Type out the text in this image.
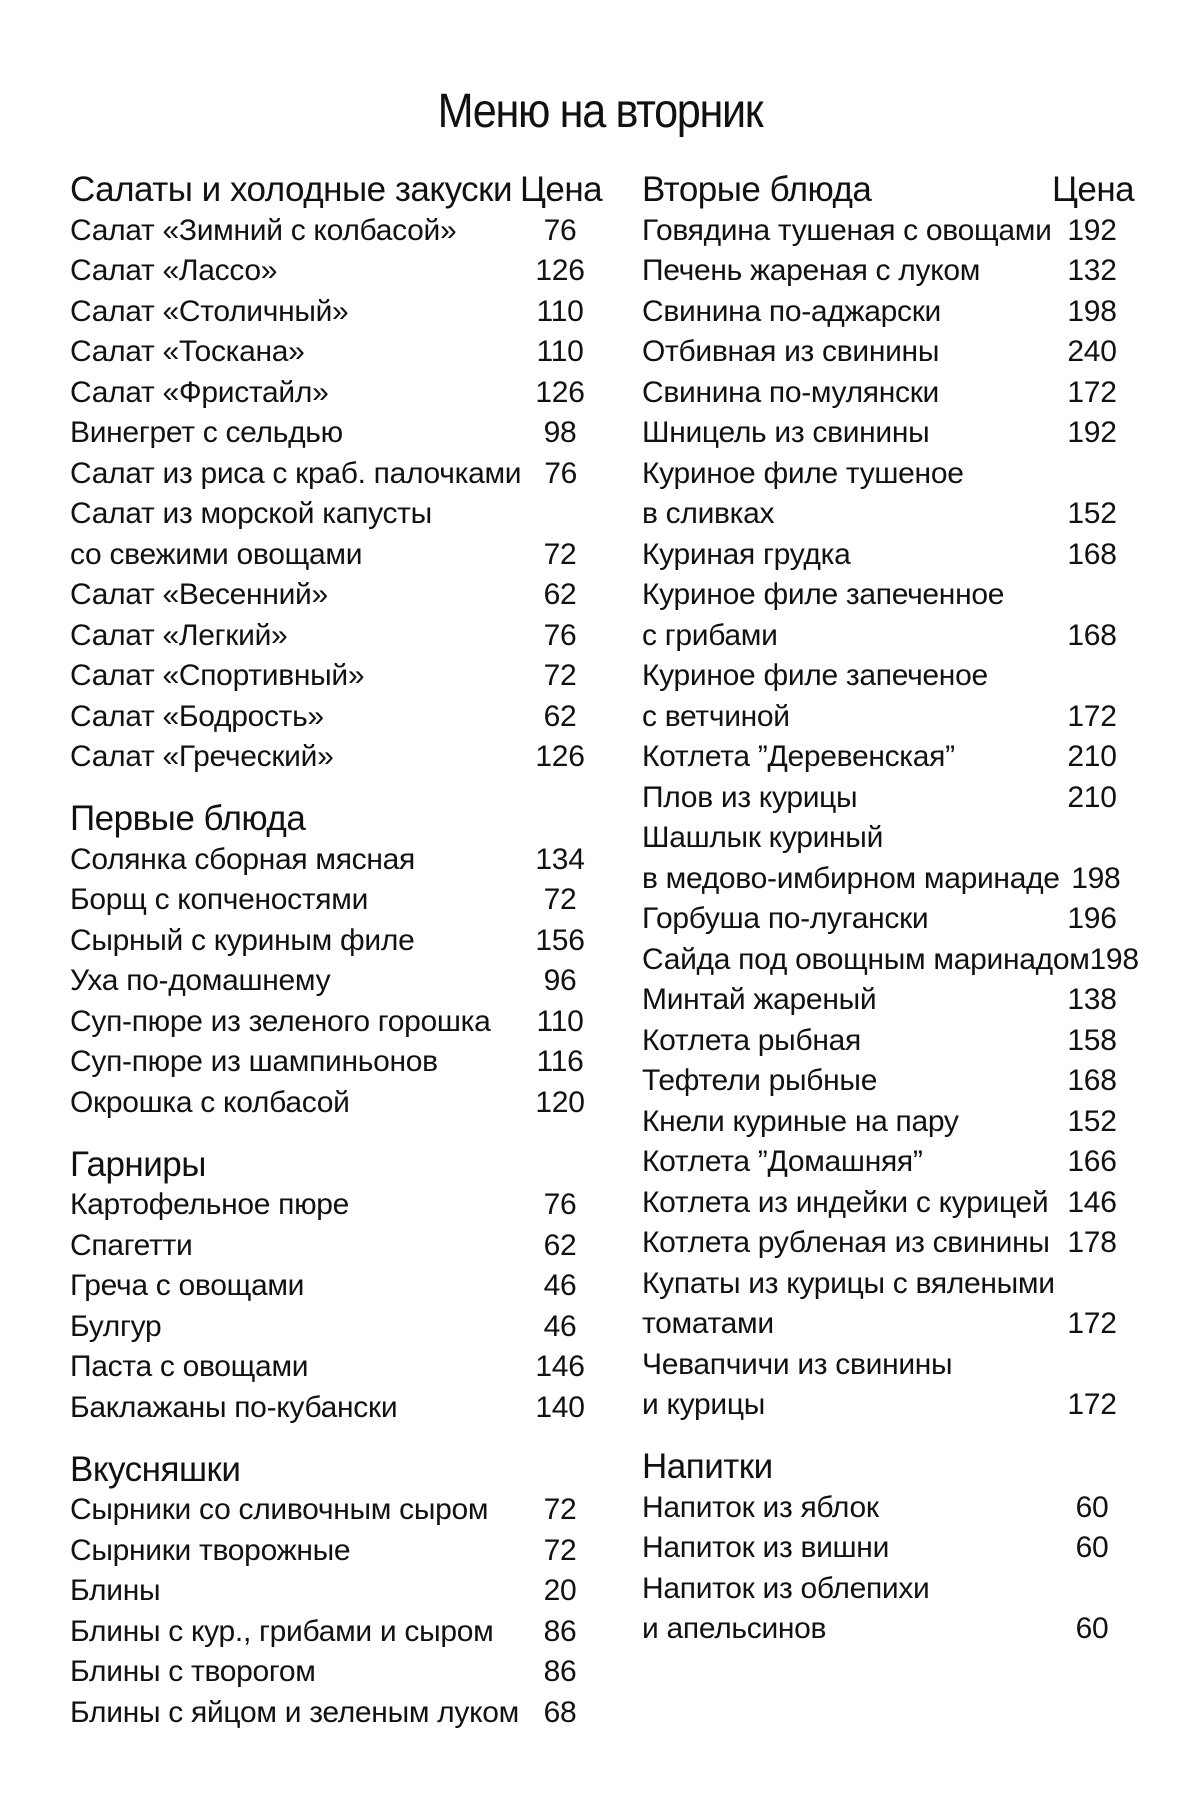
Меню на вторник
Салаты и холодные закуски Цена
Салат «Зимний с колбасой»	76
Салат «Лассо»	126
Салат «Столичный»	110
Салат «Тоскана»	110
Салат «Фристайл»	126
Винегрет с сельдью	98
Салат из риса с краб. палочками 76
Салат из морской капусты
со свежими овощами	72
Салат «Весенний»	62
Салат «Легкий»	76
Салат «Спортивный»	72
Салат «Бодрость»	62
Салат «Греческий»	126
Первые блюда
Солянка сборная мясная	134
Борщ с копченостями	72
Сырный с куриным филе	156
Уха по-домашнему	96
Суп-пюре из зеленого горошка	110
Суп-пюре из шампиньонов	116
Окрошка с колбасой	120
Гарниры
Картофельное пюре	76
Спагетти	62
Греча с овощами	46
Булгур	46
Паста с овощами	146
Баклажаны по-кубански	140
Вкусняшки
Сырники со сливочным сыром	72
Сырники творожные	72
Блины	20
Блины с кур., грибами и сыром	86
Блины с творогом	86
Блины с яйцом и зеленым луком 68
Вторые блюда	Цена
Говядина тушеная с овощами 192
Печень жареная с луком	132
Свинина по-аджарски	198
Отбивная из свинины	240
Свинина по-мулянски	172
Шницель из свинины	192
Куриное филе тушеное
в сливках	152
Куриная грудка	168
Куриное филе запеченное
с грибами	168
Куриное филе запеченое
с ветчиной	172
Котлета ”Деревенская”	210
Плов из курицы	210
Шашлык куриный
в медово-имбирном маринаде 198
Горбуша по-лугански	196
Сайда под овощным маринадом 198
Минтай жареный	138
Котлета рыбная	158
Тефтели рыбные	168
Кнели куриные на пару	152
Котлета ”Домашняя”	166
Котлета из индейки с курицей 146
Котлета рубленая из свинины 178
Купаты из курицы с вялеными
томатами	172
Чевапчичи из свинины
и курицы	172
Напитки
Напиток из яблок	60
Напиток из вишни	60
Напиток из облепихи
и апельсинов	60
